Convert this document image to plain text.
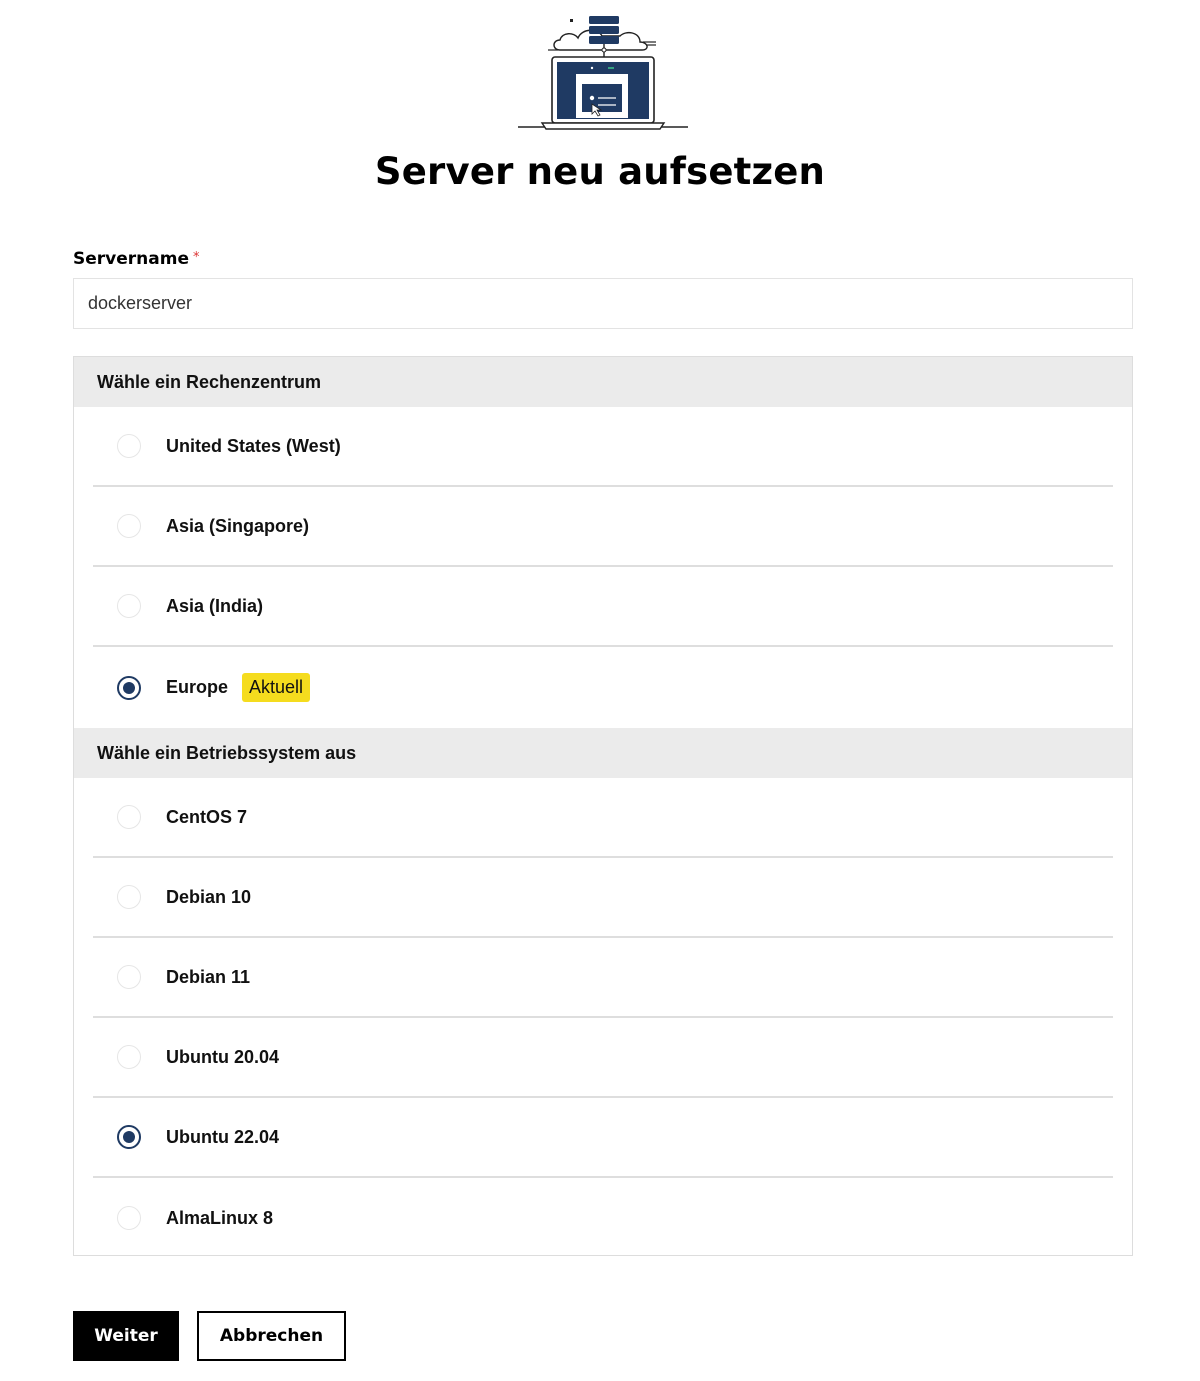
Server neu aufsetzen
Servername *
dockerserver
Wähle ein Rechenzentrum
United States (West)
Asia (Singapore)
Asia (India)
Europe	Aktuell
Wähle ein Betriebssystem aus
CentOS 7
Debian 10
Debian 11
Ubuntu 20.04
Ubuntu 22.04
AlmaLinux 8
Weiter	Abbrechen
